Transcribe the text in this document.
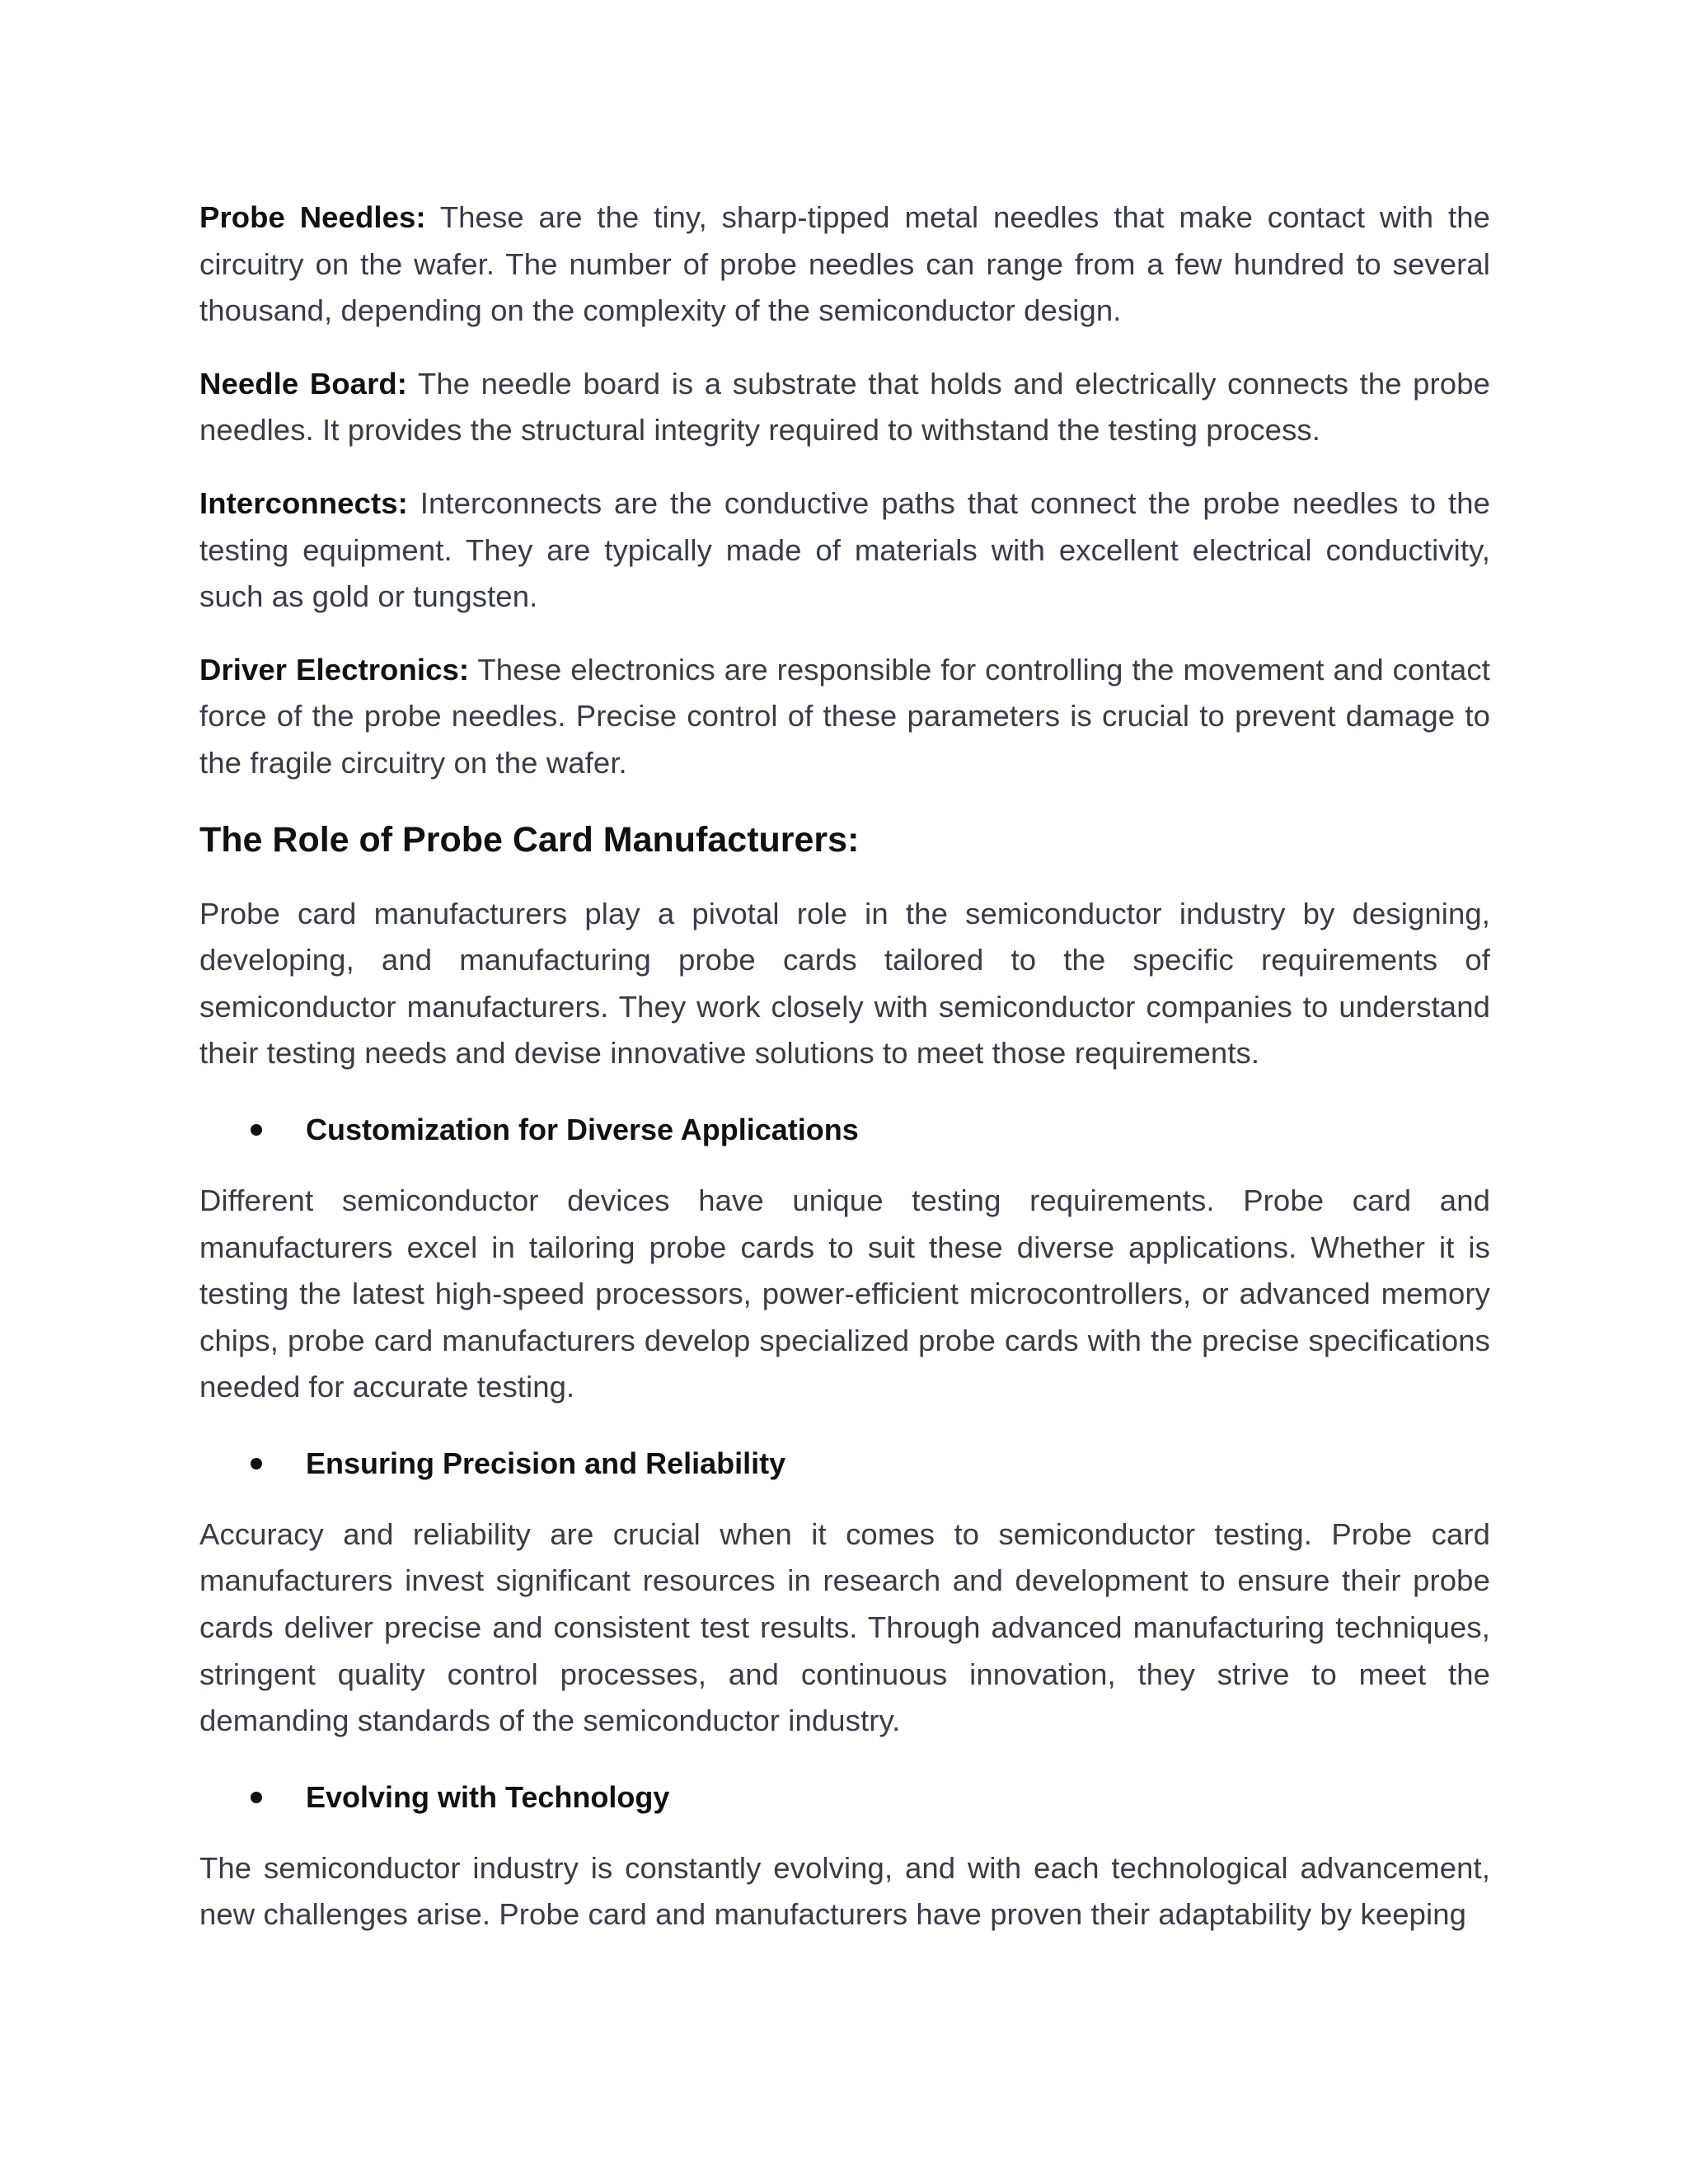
Probe Needles: These are the tiny, sharp-tipped metal needles that make contact with the circuitry on the wafer. The number of probe needles can range from a few hundred to several thousand, depending on the complexity of the semiconductor design.

Needle Board: The needle board is a substrate that holds and electrically connects the probe needles. It provides the structural integrity required to withstand the testing process.

Interconnects: Interconnects are the conductive paths that connect the probe needles to the testing equipment. They are typically made of materials with excellent electrical conductivity, such as gold or tungsten.

Driver Electronics: These electronics are responsible for controlling the movement and contact force of the probe needles. Precise control of these parameters is crucial to prevent damage to the fragile circuitry on the wafer.

The Role of Probe Card Manufacturers:

Probe card manufacturers play a pivotal role in the semiconductor industry by designing, developing, and manufacturing probe cards tailored to the specific requirements of semiconductor manufacturers. They work closely with semiconductor companies to understand their testing needs and devise innovative solutions to meet those requirements.

Customization for Diverse Applications

Different semiconductor devices have unique testing requirements. Probe card and manufacturers excel in tailoring probe cards to suit these diverse applications. Whether it is testing the latest high-speed processors, power-efficient microcontrollers, or advanced memory chips, probe card manufacturers develop specialized probe cards with the precise specifications needed for accurate testing.

Ensuring Precision and Reliability

Accuracy and reliability are crucial when it comes to semiconductor testing. Probe card manufacturers invest significant resources in research and development to ensure their probe cards deliver precise and consistent test results. Through advanced manufacturing techniques, stringent quality control processes, and continuous innovation, they strive to meet the demanding standards of the semiconductor industry.

Evolving with Technology

The semiconductor industry is constantly evolving, and with each technological advancement, new challenges arise. Probe card and manufacturers have proven their adaptability by keeping
